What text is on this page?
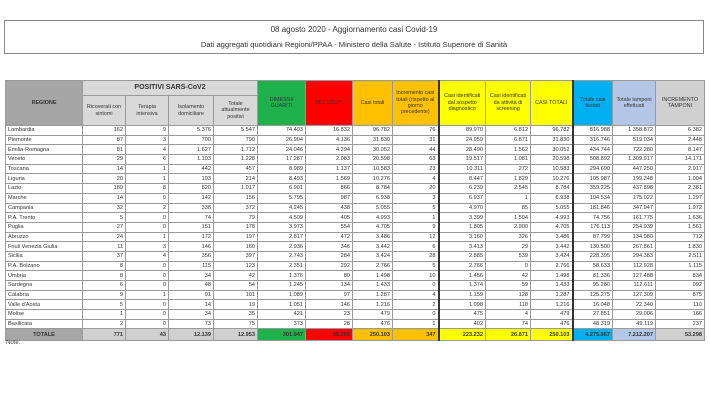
08 agosto 2020 - Aggiornamento casi Covid-19
Dati aggregati quotidiani Regioni/PPAA - Ministero della Salute - Istituto Superiore di Sanità
REGIONE	POSITIVI SARS-CoV2				DIMESSI/ GUARITI	DECEDUTI	Casi totali	Incremento casi totali (rispetto al giorno precedente)	Casi identificati dal sospetto diagnostico	Casi identificati da attività di screening	CASI TOTALI	Totale casi testati	Totale tamponi effettuati	INCREMENTO TAMPONI
	Ricoverati con sintomi	Terapia intensiva	Isolamento domiciliare	Totale attualmente positivi										
Lombardia	162	9	5.376	5.547	74.403	16.832	96.782	76	89.970	6.812	96.782	816.988	1.358.872	6.382
Piemonte	87	3	700	790	26.904	4.136	31.830	31	24.959	6.871	31.830	316.746	519.034	2.448
Emilia-Romagna	81	4	1.627	1.712	24.046	4.294	30.052	44	28.490	1.562	30.052	434.744	722.280	8.147
Veneto	29	6	1.193	1.228	17.287	2.083	20.598	63	19.517	1.081	20.598	508.892	1.309.917	14.171
Toscana	14	1	442	457	8.989	1.137	10.583	23	10.311	272	10.583	294.690	447.250	2.917
Liguria	20	1	193	214	8.493	1.569	10.276	4	8.447	1.829	10.276	105.987	199.248	1.004
Lazio	189	8	820	1.017	6.901	866	8.784	20	6.239	2.545	8.784	359.225	437.898	2.381
Marche	14	0	142	156	5.795	987	6.938	3	6.937	1	6.938	104.534	175.022	1.297
Campania	32	2	338	372	4.245	438	5.055	5	4.970	85	5.055	181.846	347.947	1.972
P.A. Trento	5	0	74	79	4.509	405	4.993	1	3.399	1.594	4.993	74.756	161.775	1.636
Puglia	27	0	151	178	3.973	554	4.705	9	1.805	2.900	4.705	176.113	254.939	1.561
Abruzzo	24	1	172	197	2.817	472	3.486	12	3.160	326	3.486	87.799	134.980	712
Friuli Venezia Giulia	11	3	146	160	2.936	346	3.442	6	3.413	29	3.442	130.500	267.861	1.830
Sicilia	37	4	356	397	2.743	284	3.424	28	2.885	539	3.424	228.395	294.383	2.511
P.A. Bolzano	8	0	115	123	2.351	292	2.766	5	2.766	0	2.766	58.633	112.928	1.115
Umbria	8	0	34	42	1.376	80	1.498	10	1.456	42	1.498	81.336	127.488	834
Sardegna	6	0	48	54	1.245	134	1.433	0	1.374	59	1.433	95.280	112.611	992
Calabria	9	1	91	101	1.089	97	1.287	4	1.159	128	1.287	125.275	127.309	875
Valle d'Aosta	5	0	14	19	1.051	146	1.216	2	1.098	118	1.216	16.048	22.340	110
Molise	1	0	34	35	421	23	479	0	475	4	479	27.851	29.006	166
Basilicata	2	0	73	75	373	28	476	1	402	74	476	48.319	49.119	237
TOTALE	771	43	12.139	12.953	201.947	35.205	250.103	347	223.232	26.871	250.103	4.275.957	7.212.207	53.298
Note:
